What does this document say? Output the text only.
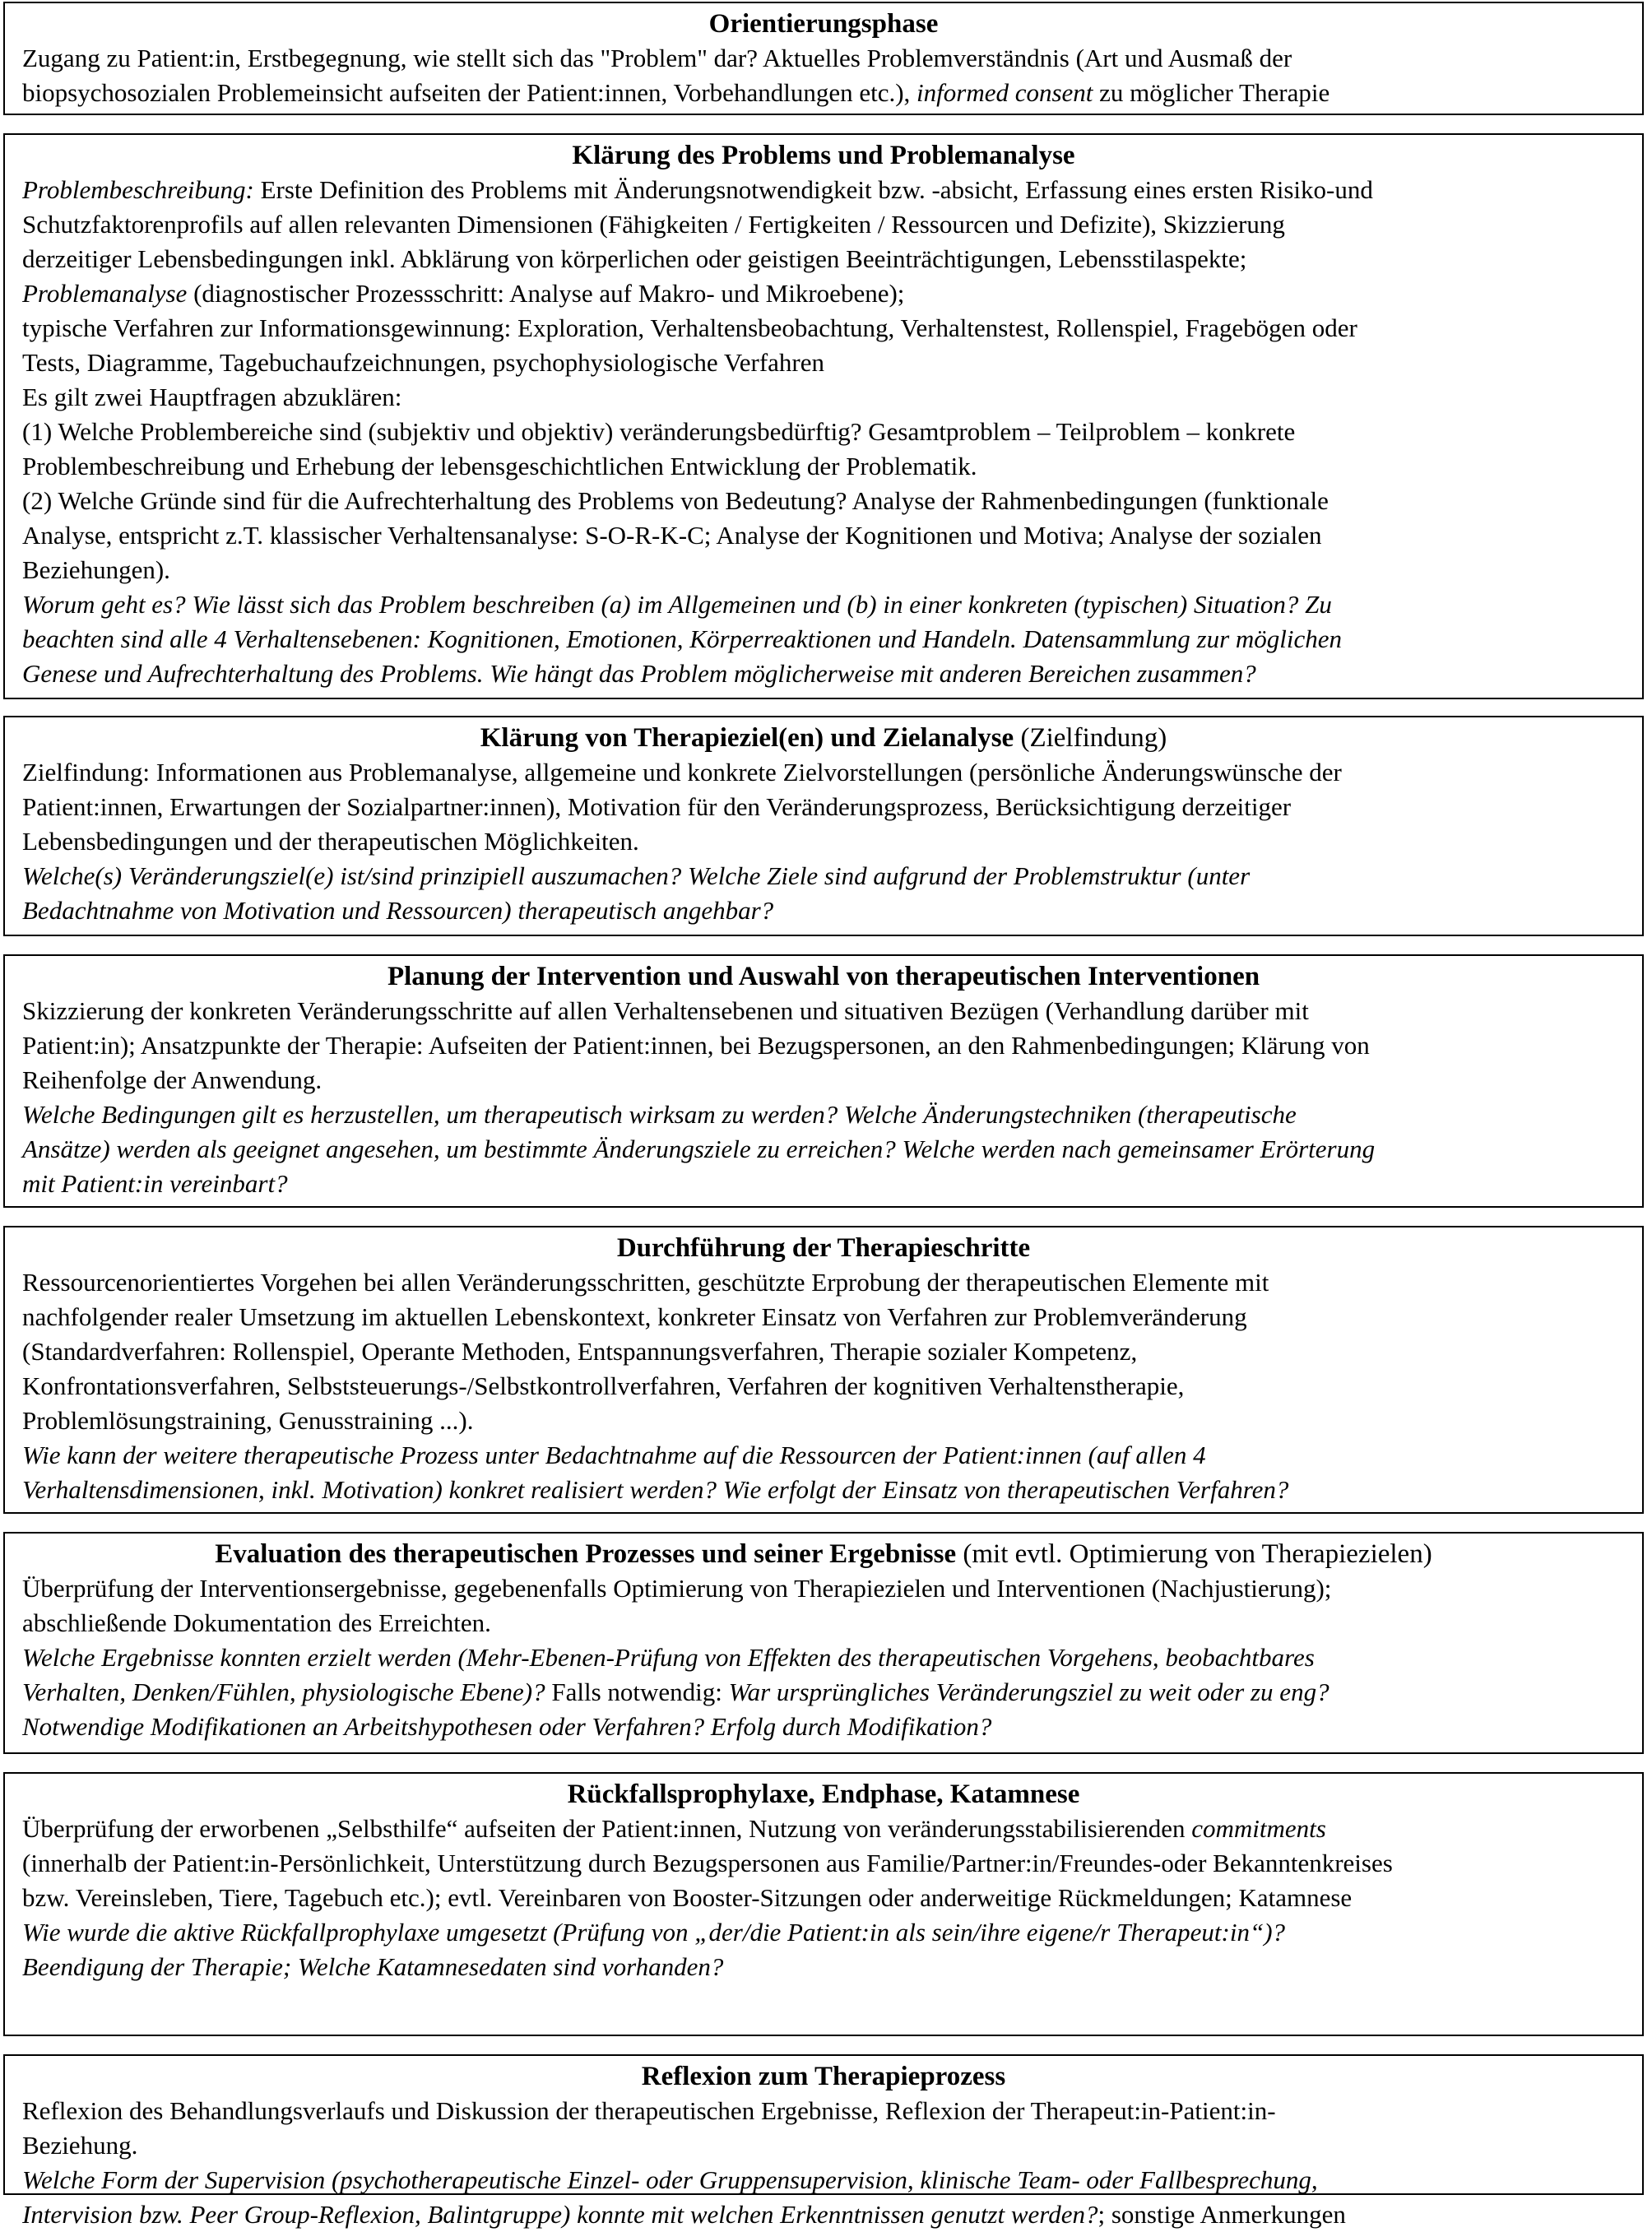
Orientierungsphase
Zugang zu Patient:in, Erstbegegnung, wie stellt sich das "Problem" dar? Aktuelles Problemverständnis (Art und Ausmaß der
biopsychosozialen Problemeinsicht aufseiten der Patient:innen, Vorbehandlungen etc.), informed consent zu möglicher Therapie
Klärung des Problems und Problemanalyse
Problembeschreibung: Erste Definition des Problems mit Änderungsnotwendigkeit bzw. -absicht, Erfassung eines ersten Risiko-und
Schutzfaktorenprofils auf allen relevanten Dimensionen (Fähigkeiten / Fertigkeiten / Ressourcen und Defizite), Skizzierung
derzeitiger Lebensbedingungen inkl. Abklärung von körperlichen oder geistigen Beeinträchtigungen, Lebensstilaspekte;
Problemanalyse (diagnostischer Prozessschritt: Analyse auf Makro- und Mikroebene);
typische Verfahren zur Informationsgewinnung: Exploration, Verhaltensbeobachtung, Verhaltenstest, Rollenspiel, Fragebögen oder
Tests, Diagramme, Tagebuchaufzeichnungen, psychophysiologische Verfahren
Es gilt zwei Hauptfragen abzuklären:
(1) Welche Problembereiche sind (subjektiv und objektiv) veränderungsbedürftig? Gesamtproblem – Teilproblem – konkrete
Problembeschreibung und Erhebung der lebensgeschichtlichen Entwicklung der Problematik.
(2) Welche Gründe sind für die Aufrechterhaltung des Problems von Bedeutung? Analyse der Rahmenbedingungen (funktionale
Analyse, entspricht z.T. klassischer Verhaltensanalyse: S-O-R-K-C; Analyse der Kognitionen und Motiva; Analyse der sozialen
Beziehungen).
Worum geht es? Wie lässt sich das Problem beschreiben (a) im Allgemeinen und (b) in einer konkreten (typischen) Situation? Zu
beachten sind alle 4 Verhaltensebenen: Kognitionen, Emotionen, Körperreaktionen und Handeln. Datensammlung zur möglichen
Genese und Aufrechterhaltung des Problems. Wie hängt das Problem möglicherweise mit anderen Bereichen zusammen?
Klärung von Therapieziel(en) und Zielanalyse (Zielfindung)
Zielfindung: Informationen aus Problemanalyse, allgemeine und konkrete Zielvorstellungen (persönliche Änderungswünsche der
Patient:innen, Erwartungen der Sozialpartner:innen), Motivation für den Veränderungsprozess, Berücksichtigung derzeitiger
Lebensbedingungen und der therapeutischen Möglichkeiten.
Welche(s) Veränderungsziel(e) ist/sind prinzipiell auszumachen? Welche Ziele sind aufgrund der Problemstruktur (unter
Bedachtnahme von Motivation und Ressourcen) therapeutisch angehbar?
Planung der Intervention und Auswahl von therapeutischen Interventionen
Skizzierung der konkreten Veränderungsschritte auf allen Verhaltensebenen und situativen Bezügen (Verhandlung darüber mit
Patient:in); Ansatzpunkte der Therapie: Aufseiten der Patient:innen, bei Bezugspersonen, an den Rahmenbedingungen; Klärung von
Reihenfolge der Anwendung.
Welche Bedingungen gilt es herzustellen, um therapeutisch wirksam zu werden? Welche Änderungstechniken (therapeutische
Ansätze) werden als geeignet angesehen, um bestimmte Änderungsziele zu erreichen? Welche werden nach gemeinsamer Erörterung
mit Patient:in vereinbart?
Durchführung der Therapieschritte
Ressourcenorientiertes Vorgehen bei allen Veränderungsschritten, geschützte Erprobung der therapeutischen Elemente mit
nachfolgender realer Umsetzung im aktuellen Lebenskontext, konkreter Einsatz von Verfahren zur Problemveränderung
(Standardverfahren: Rollenspiel, Operante Methoden, Entspannungsverfahren, Therapie sozialer Kompetenz,
Konfrontationsverfahren, Selbststeuerungs-/Selbstkontrollverfahren, Verfahren der kognitiven Verhaltenstherapie,
Problemlösungstraining, Genusstraining ...).
Wie kann der weitere therapeutische Prozess unter Bedachtnahme auf die Ressourcen der Patient:innen (auf allen 4
Verhaltensdimensionen, inkl. Motivation) konkret realisiert werden? Wie erfolgt der Einsatz von therapeutischen Verfahren?
Evaluation des therapeutischen Prozesses und seiner Ergebnisse (mit evtl. Optimierung von Therapiezielen)
Überprüfung der Interventionsergebnisse, gegebenenfalls Optimierung von Therapiezielen und Interventionen (Nachjustierung);
abschließende Dokumentation des Erreichten.
Welche Ergebnisse konnten erzielt werden (Mehr-Ebenen-Prüfung von Effekten des therapeutischen Vorgehens, beobachtbares
Verhalten, Denken/Fühlen, physiologische Ebene)? Falls notwendig: War ursprüngliches Veränderungsziel zu weit oder zu eng?
Notwendige Modifikationen an Arbeitshypothesen oder Verfahren? Erfolg durch Modifikation?
Rückfallsprophylaxe, Endphase, Katamnese
Überprüfung der erworbenen „Selbsthilfe“ aufseiten der Patient:innen, Nutzung von veränderungsstabilisierenden commitments
(innerhalb der Patient:in-Persönlichkeit, Unterstützung durch Bezugspersonen aus Familie/Partner:in/Freundes-oder Bekanntenkreises
bzw. Vereinsleben, Tiere, Tagebuch etc.); evtl. Vereinbaren von Booster-Sitzungen oder anderweitige Rückmeldungen; Katamnese
Wie wurde die aktive Rückfallprophylaxe umgesetzt (Prüfung von „der/die Patient:in als sein/ihre eigene/r Therapeut:in“)?
Beendigung der Therapie; Welche Katamnesedaten sind vorhanden?
Reflexion zum Therapieprozess
Reflexion des Behandlungsverlaufs und Diskussion der therapeutischen Ergebnisse, Reflexion der Therapeut:in-Patient:in-
Beziehung.
Welche Form der Supervision (psychotherapeutische Einzel- oder Gruppensupervision, klinische Team- oder Fallbesprechung,
Intervision bzw. Peer Group-Reflexion, Balintgruppe) konnte mit welchen Erkenntnissen genutzt werden?; sonstige Anmerkungen
